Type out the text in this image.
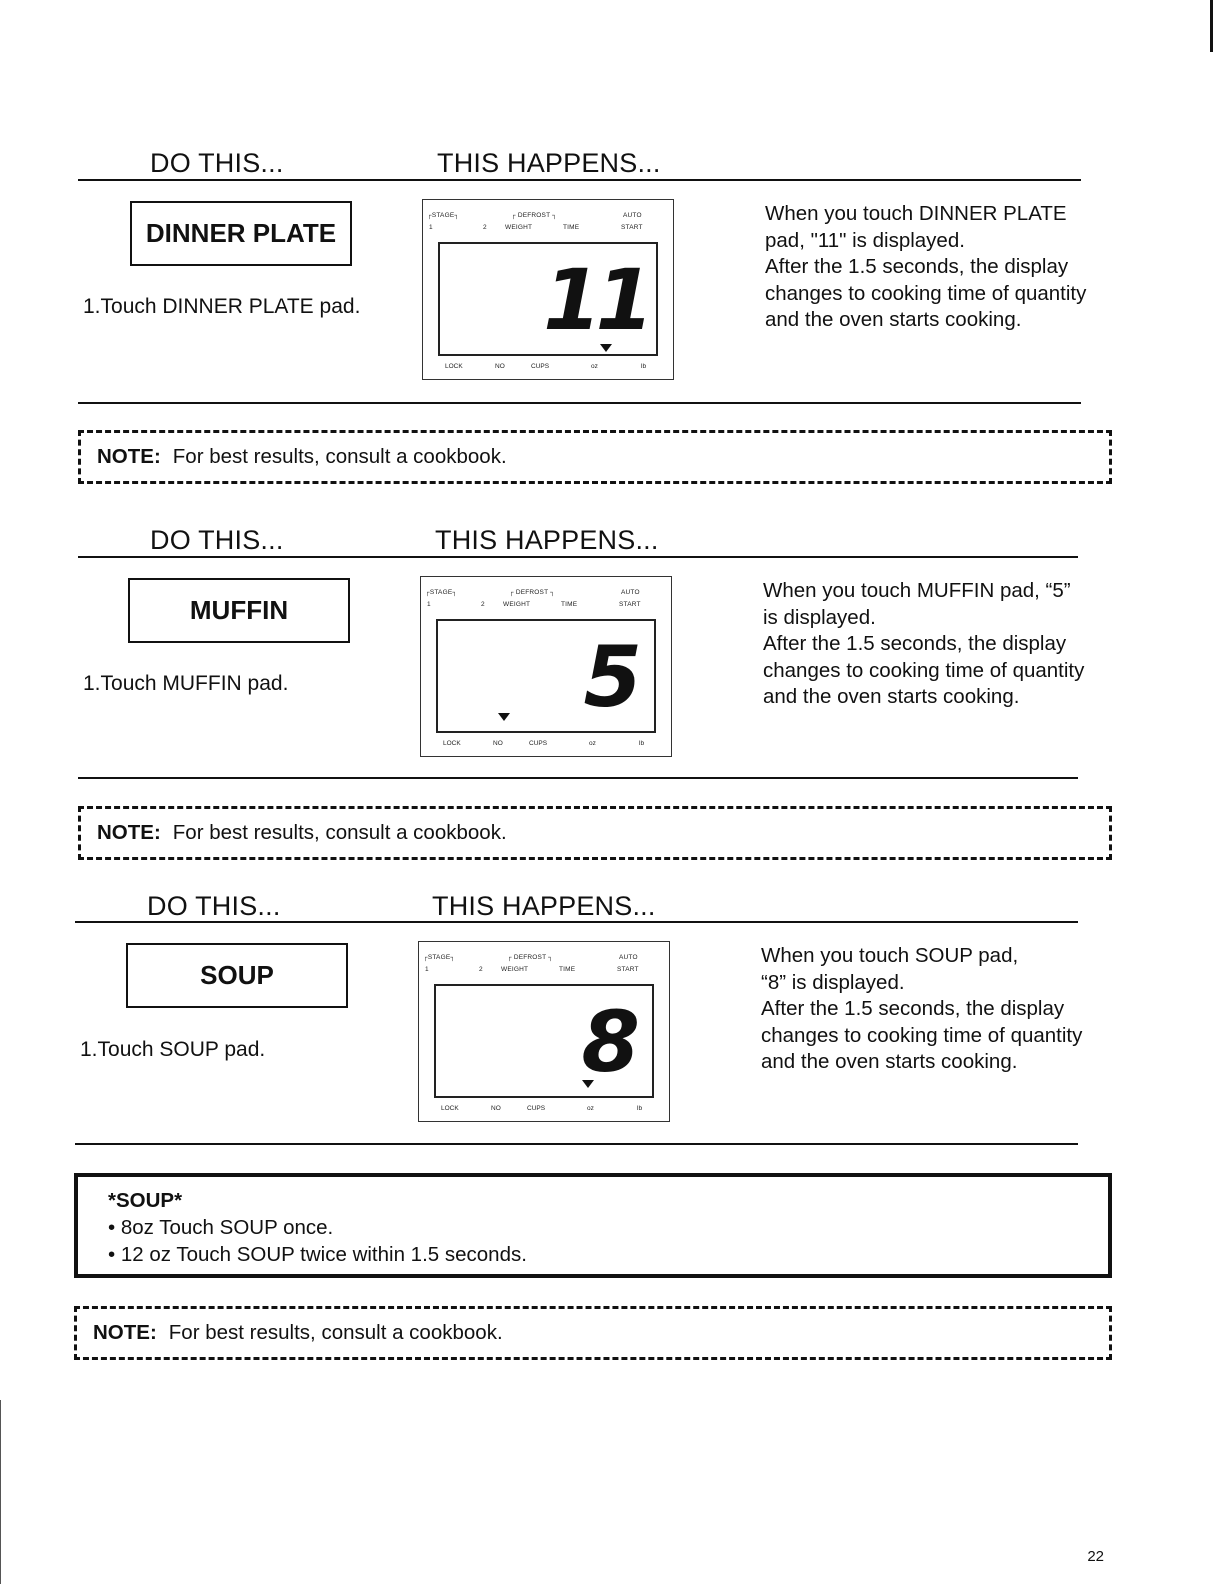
DO THIS...	THIS HAPPENS...
DINNER PLATE
1.Touch DINNER PLATE pad.
┌STAGE┐	┌ DEFROST ┐	AUTO
1	2	WEIGHT	TIME	START
11
LOCK	NO	CUPS	oz	lb
When you touch DINNER PLATE
pad, "11" is displayed.
After the 1.5 seconds, the display
changes to cooking time of quantity
and the oven starts cooking.
NOTE: For best results, consult a cookbook.
DO THIS...	THIS HAPPENS...
MUFFIN
1.Touch MUFFIN pad.
┌STAGE┐	┌ DEFROST ┐	AUTO
1	2	WEIGHT	TIME	START
5
LOCK	NO	CUPS	oz	lb
When you touch MUFFIN pad, “5”
is displayed.
After the 1.5 seconds, the display
changes to cooking time of quantity
and the oven starts cooking.
NOTE: For best results, consult a cookbook.
DO THIS...	THIS HAPPENS...
SOUP
1.Touch SOUP pad.
┌STAGE┐	┌ DEFROST ┐	AUTO
1	2	WEIGHT	TIME	START
8
LOCK	NO	CUPS	oz	lb
When you touch SOUP pad,
“8” is displayed.
After the 1.5 seconds, the display
changes to cooking time of quantity
and the oven starts cooking.
*SOUP*
• 8oz Touch SOUP once.
• 12 oz Touch SOUP twice within 1.5 seconds.
NOTE: For best results, consult a cookbook.
22
